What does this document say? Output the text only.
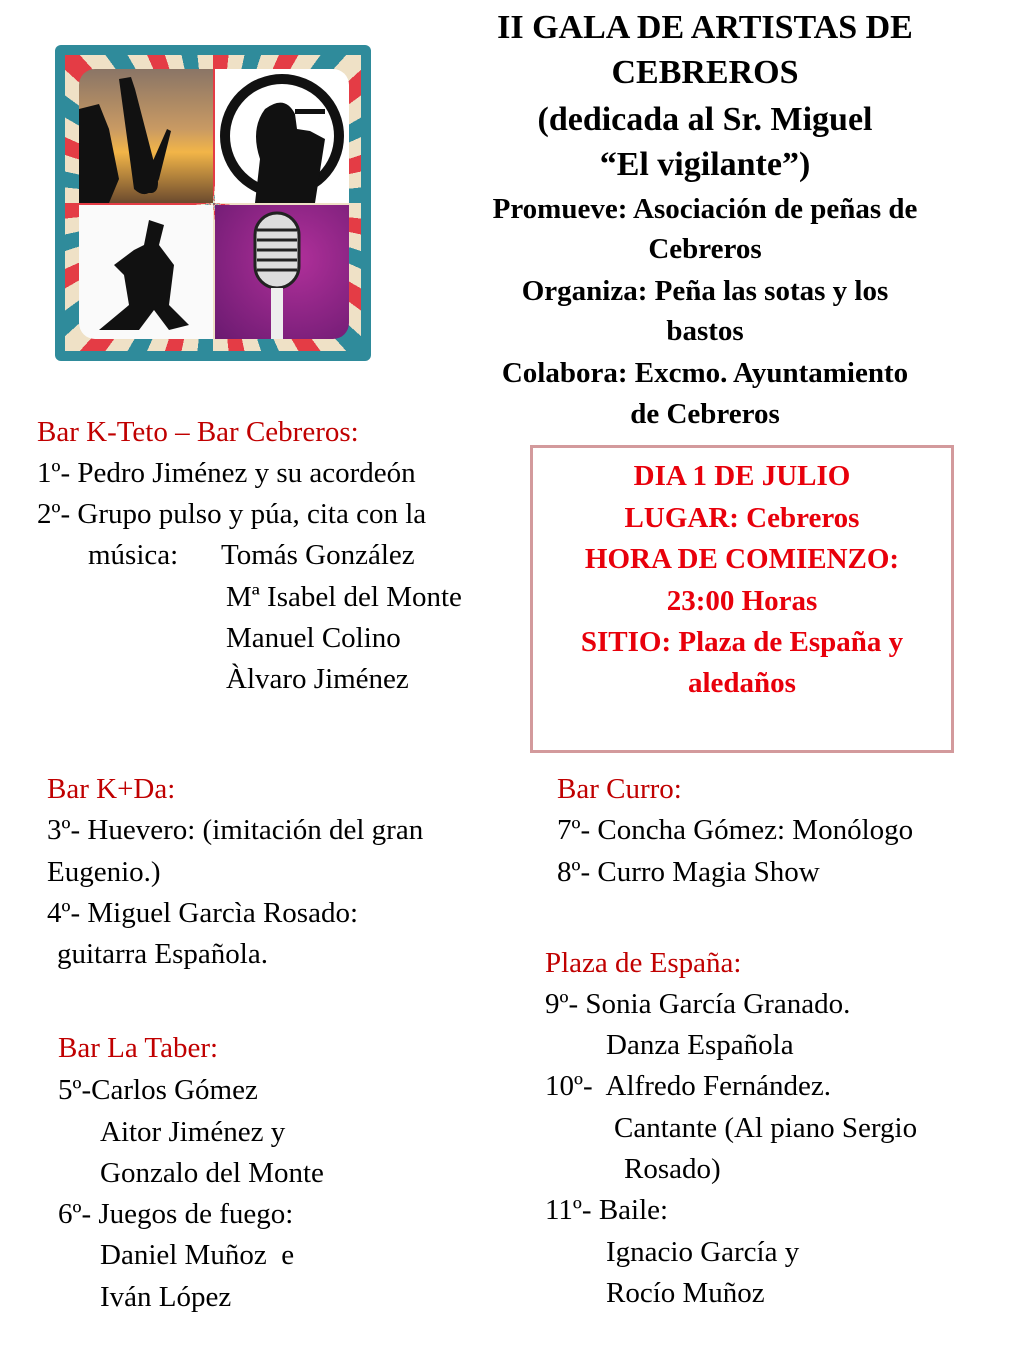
II GALA DE ARTISTAS DE
CEBREROS
(dedicada al Sr. Miguel
“El vigilante”)
Promueve: Asociación de peñas de
Cebreros
Organiza: Peña las sotas y los
bastos
Colabora: Excmo. Ayuntamiento
de Cebreros
DIA 1 DE JULIO
LUGAR: Cebreros
HORA DE COMIENZO:
23:00 Horas
SITIO: Plaza de España y
aledaños
Bar K-Teto – Bar Cebreros:
1º- Pedro Jiménez y su acordeón
2º- Grupo pulso y púa, cita con la
música: Tomás González
Mª Isabel del Monte
Manuel Colino
Àlvaro Jiménez
Bar K+Da:
3º- Huevero: (imitación del gran
Eugenio.)
4º- Miguel Garcìa Rosado:
guitarra Española.
Bar La Taber:
5º-Carlos Gómez
Aitor Jiménez y
Gonzalo del Monte
6º- Juegos de fuego:
Daniel Muñoz  e
Iván López
Bar Curro:
7º- Concha Gómez: Monólogo
8º- Curro Magia Show
Plaza de España:
9º- Sonia García Granado.
Danza Española
10º-  Alfredo Fernández.
Cantante (Al piano Sergio
Rosado)
11º- Baile:
Ignacio García y
Rocío Muñoz
